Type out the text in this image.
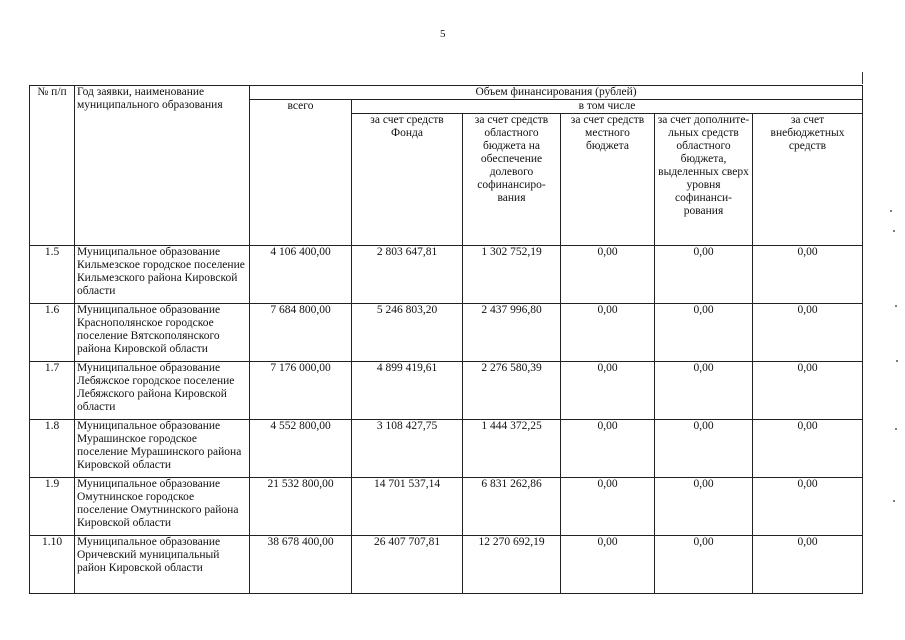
5
№ п/п	Год заявки, наименование муниципального образования	Объем финансирования (рублей)					
		всего	в том числе				
			за счет средств Фонда	за счет средств областного бюджета на обеспечение долевого софинансиро-вания	за счет средств местного бюджета	за счет дополните-льных средств областного бюджета, выделенных сверх уровня софинанси-рования	за счет внебюджетных средств
1.5	Муниципальное образование Кильмезское городское поселение Кильмезского района Кировской области	4 106 400,00	2 803 647,81	1 302 752,19	0,00	0,00	0,00
1.6	Муниципальное образование Краснополянское городское поселение Вятскополянского района Кировской области	7 684 800,00	5 246 803,20	2 437 996,80	0,00	0,00	0,00
1.7	Муниципальное образование Лебяжское городское поселение Лебяжского района Кировской области	7 176 000,00	4 899 419,61	2 276 580,39	0,00	0,00	0,00
1.8	Муниципальное образование Мурашинское городское поселение Мурашинского района Кировской области	4 552 800,00	3 108 427,75	1 444 372,25	0,00	0,00	0,00
1.9	Муниципальное образование Омутнинское городское поселение Омутнинского района Кировской области	21 532 800,00	14 701 537,14	6 831 262,86	0,00	0,00	0,00
1.10	Муниципальное образование Оричевский муниципальный район Кировской области	38 678 400,00	26 407 707,81	12 270 692,19	0,00	0,00	0,00
